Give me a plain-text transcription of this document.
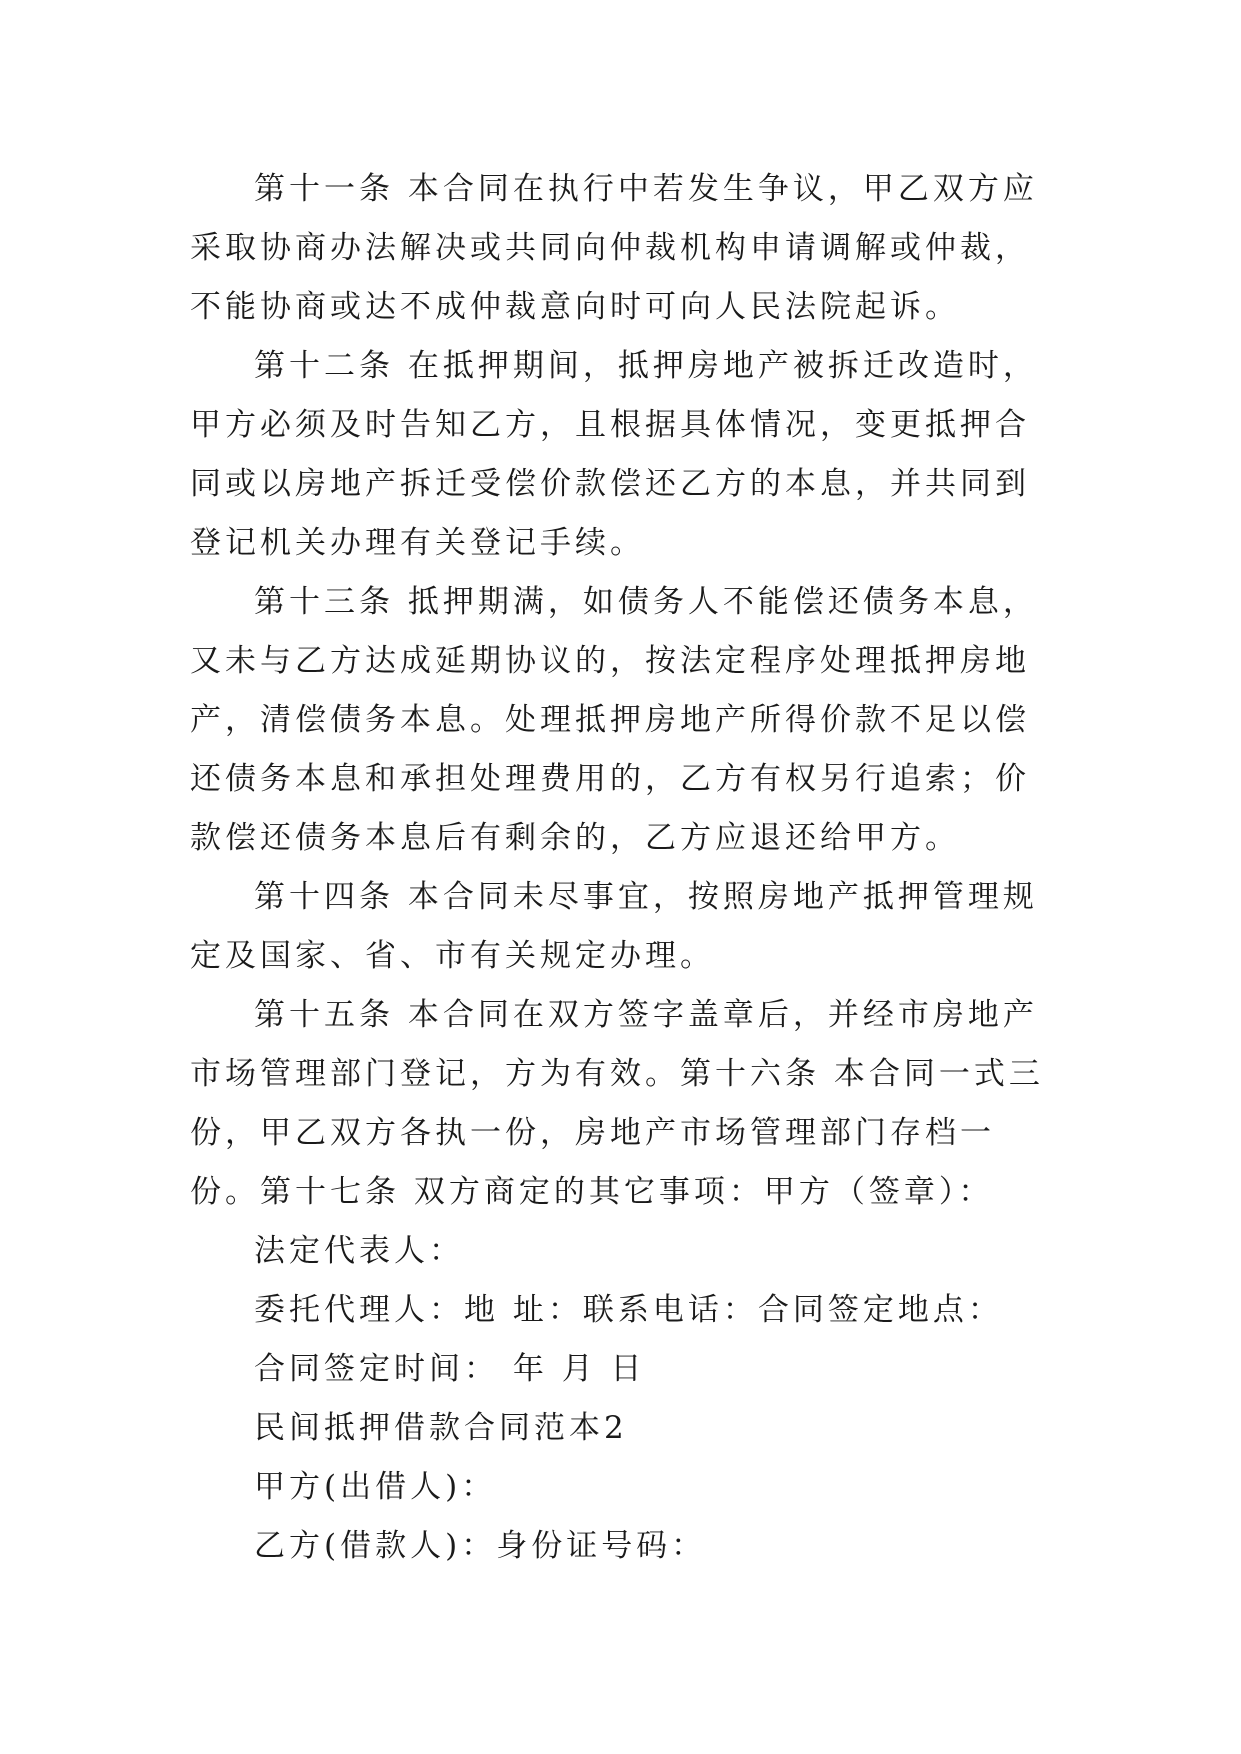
第十一条 本合同在执行中若发生争议，甲乙双方应采取协商办法解决或共同向仲裁机构申请调解或仲裁，不能协商或达不成仲裁意向时可向人民法院起诉。

第十二条 在抵押期间，抵押房地产被拆迁改造时，甲方必须及时告知乙方，且根据具体情况，变更抵押合同或以房地产拆迁受偿价款偿还乙方的本息，并共同到登记机关办理有关登记手续。

第十三条 抵押期满，如债务人不能偿还债务本息，又未与乙方达成延期协议的，按法定程序处理抵押房地产，清偿债务本息。处理抵押房地产所得价款不足以偿还债务本息和承担处理费用的，乙方有权另行追索；价款偿还债务本息后有剩余的，乙方应退还给甲方。

第十四条 本合同未尽事宜，按照房地产抵押管理规定及国家、省、市有关规定办理。

第十五条 本合同在双方签字盖章后，并经市房地产市场管理部门登记，方为有效。第十六条 本合同一式三份，甲乙双方各执一份，房地产市场管理部门存档一份。第十七条 双方商定的其它事项：甲方（签章）：

法定代表人：

委托代理人：地 址：联系电话：合同签定地点：

合同签定时间： 年 月 日

民间抵押借款合同范本2

甲方(出借人)：

乙方(借款人)：身份证号码：
